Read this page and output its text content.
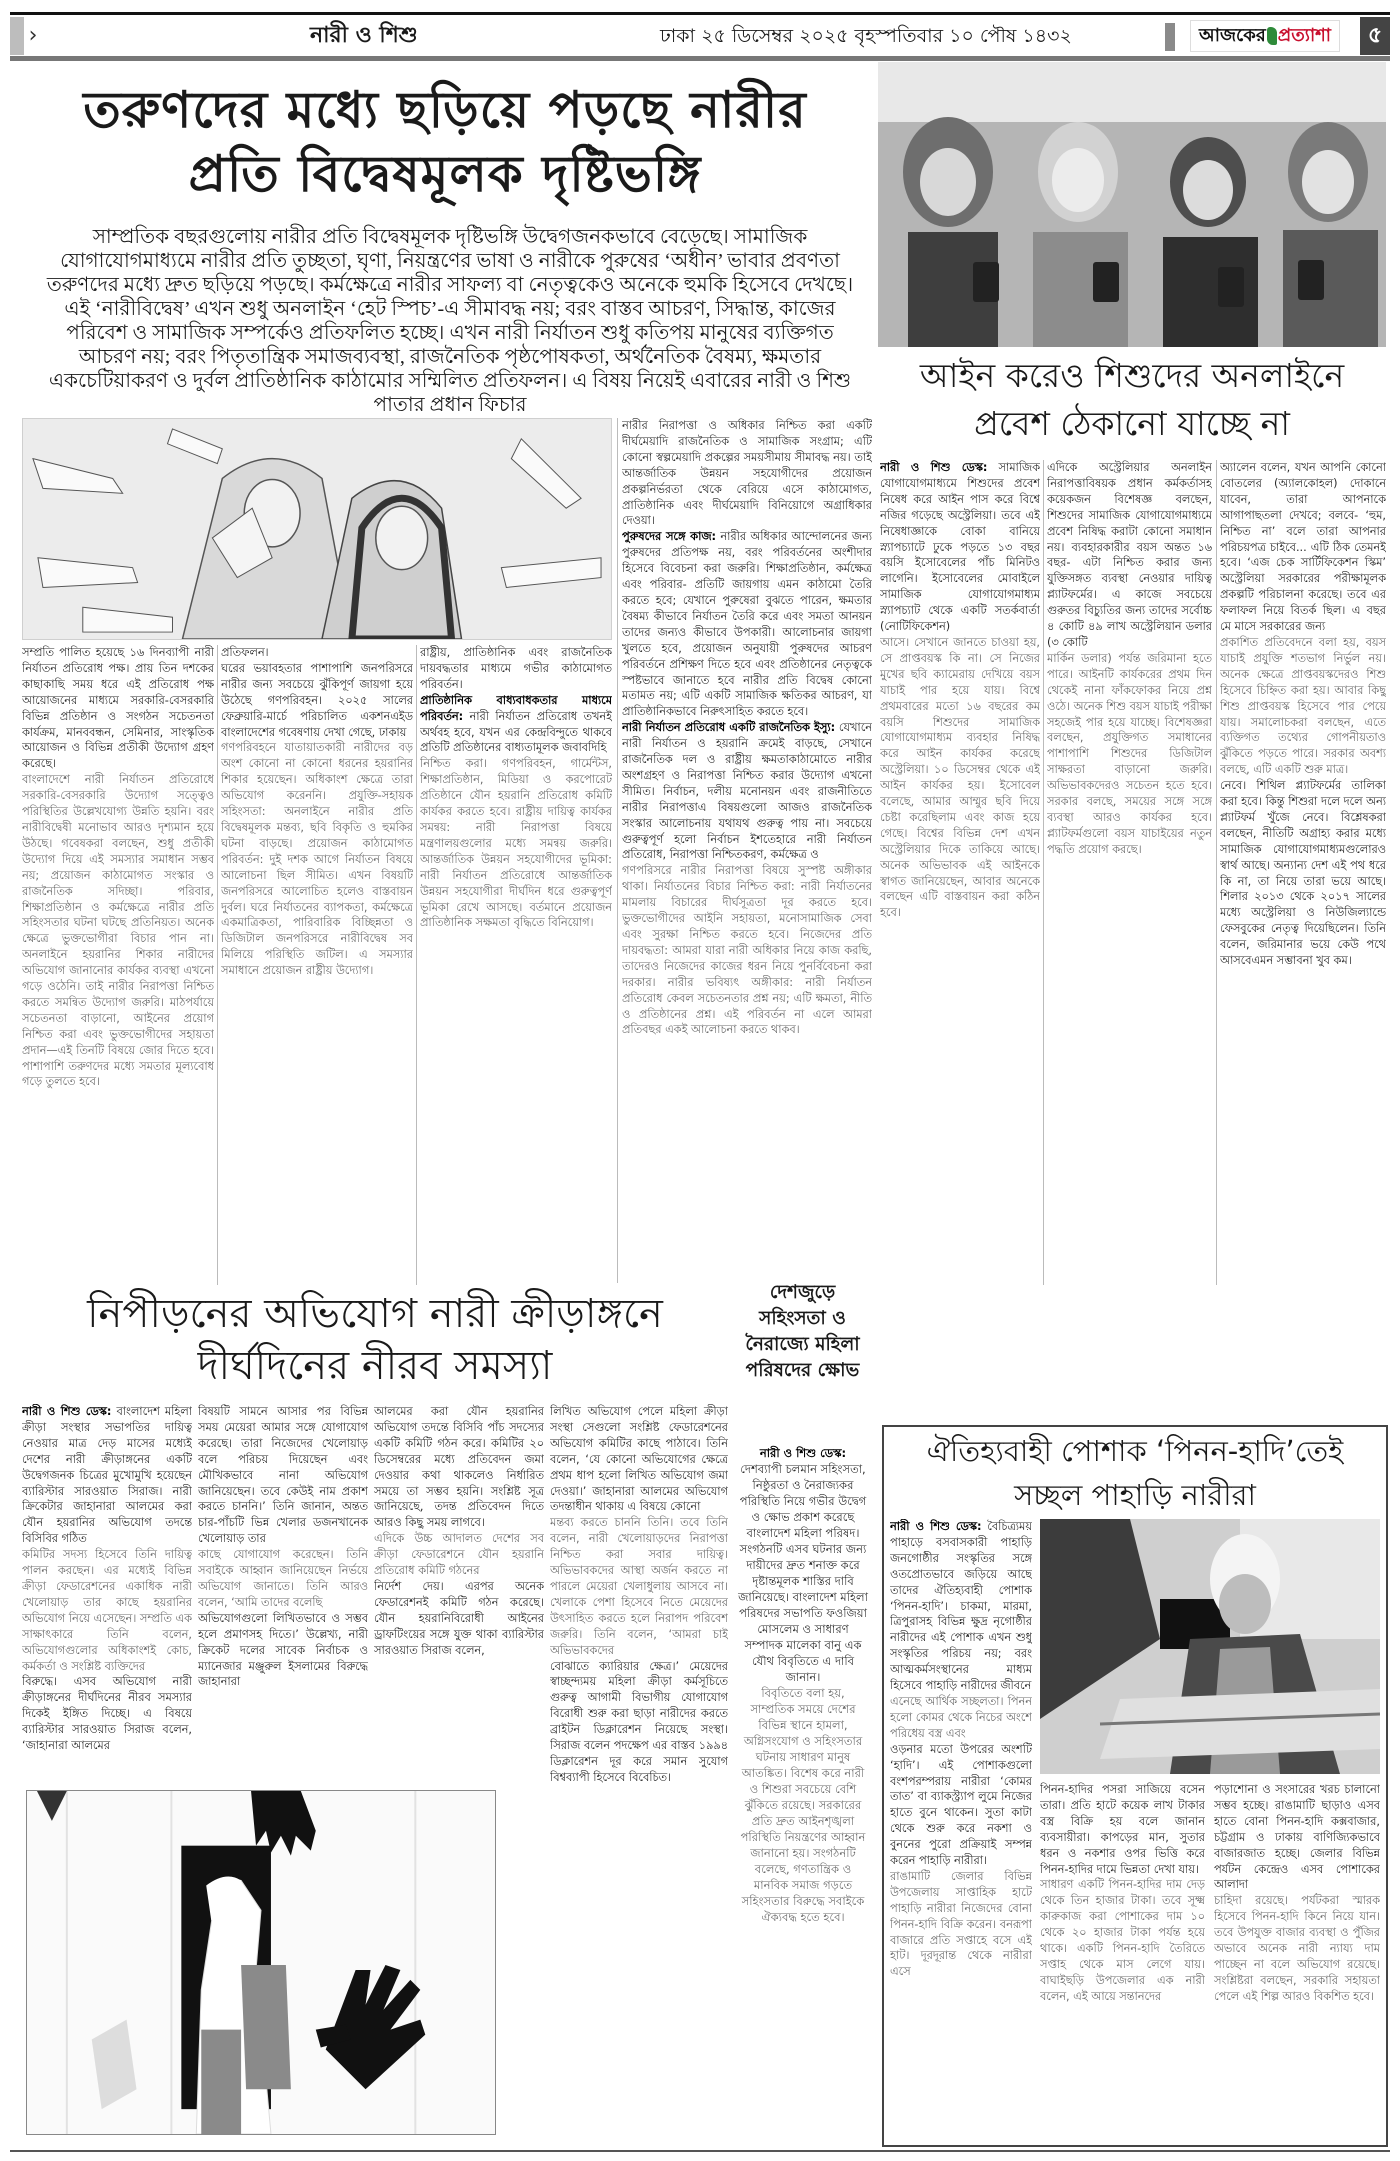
›	নারী ও শিশু	ঢাকা ২৫ ডিসেম্বর ২০২৫ বৃহস্পতিবার ১০ পৌষ ১৪৩২	আজকের প্রত্যাশা	৫
তরুণদের মধ্যে ছড়িয়ে পড়ছে নারীর
প্রতি বিদ্বেষমূলক দৃষ্টিভঙ্গি
সাম্প্রতিক বছরগুলোয় নারীর প্রতি বিদ্বেষমূলক দৃষ্টিভঙ্গি উদ্বেগজনকভাবে বেড়েছে। সামাজিক যোগাযোগমাধ্যমে নারীর প্রতি তুচ্ছতা, ঘৃণা, নিয়ন্ত্রণের ভাষা ও নারীকে পুরুষের ‘অধীন’ ভাবার প্রবণতা তরুণদের মধ্যে দ্রুত ছড়িয়ে পড়ছে। কর্মক্ষেত্রে নারীর সাফল্য বা নেতৃত্বকেও অনেকে হুমকি হিসেবে দেখছে। এই ‘নারীবিদ্বেষ’ এখন শুধু অনলাইন ‘হেট স্পিচ’-এ সীমাবদ্ধ নয়; বরং বাস্তব আচরণ, সিদ্ধান্ত, কাজের পরিবেশ ও সামাজিক সম্পর্কেও প্রতিফলিত হচ্ছে। এখন নারী নির্যাতন শুধু কতিপয় মানুষের ব্যক্তিগত আচরণ নয়; বরং পিতৃতান্ত্রিক সমাজব্যবস্থা, রাজনৈতিক পৃষ্ঠপোষকতা, অর্থনৈতিক বৈষম্য, ক্ষমতার একচেটিয়াকরণ ও দুর্বল প্রাতিষ্ঠানিক কাঠামোর সম্মিলিত প্রতিফলন। এ বিষয় নিয়েই এবারের নারী ও শিশু পাতার প্রধান ফিচার

সম্প্রতি পালিত হয়েছে ১৬ দিনব্যাপী নারী নির্যাতন প্রতিরোধ পক্ষ। প্রায় তিন দশকের কাছাকাছি সময় ধরে এই প্রতিরোধ পক্ষ আয়োজনের মাধ্যমে সরকারি-বেসরকারি বিভিন্ন প্রতিষ্ঠান ও সংগঠন সচেতনতা কার্যক্রম, মানববন্ধন, সেমিনার, সাংস্কৃতিক আয়োজন ও বিভিন্ন প্রতীকী উদ্যোগ গ্রহণ করেছে।

বাংলাদেশে নারী নির্যাতন প্রতিরোধে সরকারি-বেসরকারি উদ্যোগ সত্ত্বেও পরিস্থিতির উল্লেখযোগ্য উন্নতি হয়নি। বরং নারীবিদ্বেষী মনোভাব আরও দৃশ্যমান হয়ে উঠছে। গবেষকরা বলছেন, শুধু প্রতীকী উদ্যোগ দিয়ে এই সমস্যার সমাধান সম্ভব নয়; প্রয়োজন কাঠামোগত সংস্কার ও রাজনৈতিক সদিচ্ছা। পরিবার, শিক্ষাপ্রতিষ্ঠান ও কর্মক্ষেত্রে নারীর প্রতি সহিংসতার ঘটনা ঘটছে প্রতিনিয়ত। অনেক ক্ষেত্রে ভুক্তভোগীরা বিচার পান না। অনলাইনে হয়রানির শিকার নারীদের অভিযোগ জানানোর কার্যকর ব্যবস্থা এখনো গড়ে ওঠেনি। তাই নারীর নিরাপত্তা নিশ্চিত করতে সমন্বিত উদ্যোগ জরুরি। মাঠপর্যায়ে সচেতনতা বাড়ানো, আইনের প্রয়োগ নিশ্চিত করা এবং ভুক্তভোগীদের সহায়তা প্রদান—এই তিনটি বিষয়ে জোর দিতে হবে। পাশাপাশি তরুণদের মধ্যে সমতার মূল্যবোধ গড়ে তুলতে হবে।

প্রতিফলন।

ঘরের ভয়াবহতার পাশাপাশি জনপরিসরে নারীর জন্য সবচেয়ে ঝুঁকিপূর্ণ জায়গা হয়ে উঠেছে গণপরিবহন। ২০২৫ সালের ফেব্রুয়ারি-মার্চে পরিচালিত একশনএইড বাংলাদেশের গবেষণায় দেখা গেছে, ঢাকায়

গণপরিবহনে যাতায়াতকারী নারীদের বড় অংশ কোনো না কোনো ধরনের হয়রানির শিকার হয়েছেন। অধিকাংশ ক্ষেত্রে তারা অভিযোগ করেননি। প্রযুক্তি-সহায়ক সহিংসতা: অনলাইনে নারীর প্রতি বিদ্বেষমূলক মন্তব্য, ছবি বিকৃতি ও হুমকির ঘটনা বাড়ছে। প্রয়োজন কাঠামোগত পরিবর্তন: দুই দশক আগে নির্যাতন বিষয়ে আলোচনা ছিল সীমিত। এখন বিষয়টি জনপরিসরে আলোচিত হলেও বাস্তবায়ন দুর্বল। ঘরে নির্যাতনের ব্যাপকতা, কর্মক্ষেত্রে একমাত্রিকতা, পারিবারিক বিচ্ছিন্নতা ও ডিজিটাল জনপরিসরে নারীবিদ্বেষ সব মিলিয়ে পরিস্থিতি জটিল। এ সমস্যার সমাধানে প্রয়োজন রাষ্ট্রীয় উদ্যোগ।

রাষ্ট্রীয়, প্রাতিষ্ঠানিক এবং রাজনৈতিক দায়বদ্ধতার মাধ্যমে গভীর কাঠামোগত পরিবর্তন।

প্রাতিষ্ঠানিক বাধ্যবাধকতার মাধ্যমে পরিবর্তন: নারী নির্যাতন প্রতিরোধ তখনই অর্থবহ হবে, যখন এর কেন্দ্রবিন্দুতে থাকবে প্রতিটি প্রতিষ্ঠানের বাধ্যতামূলক জবাবদিহি

নিশ্চিত করা। গণপরিবহন, গার্মেন্টস, শিক্ষাপ্রতিষ্ঠান, মিডিয়া ও করপোরেট প্রতিষ্ঠানে যৌন হয়রানি প্রতিরোধ কমিটি কার্যকর করতে হবে। রাষ্ট্রীয় দায়িত্ব কার্যকর সমন্বয়: নারী নিরাপত্তা বিষয়ে মন্ত্রণালয়গুলোর মধ্যে সমন্বয় জরুরি। আন্তর্জাতিক উন্নয়ন সহযোগীদের ভূমিকা: নারী নির্যাতন প্রতিরোধে আন্তর্জাতিক উন্নয়ন সহযোগীরা দীর্ঘদিন ধরে গুরুত্বপূর্ণ ভূমিকা রেখে আসছে। বর্তমানে প্রয়োজন প্রাতিষ্ঠানিক সক্ষমতা বৃদ্ধিতে বিনিয়োগ।

নারীর নিরাপত্তা ও অধিকার নিশ্চিত করা একটি দীর্ঘমেয়াদি রাজনৈতিক ও সামাজিক সংগ্রাম; এটি কোনো স্বল্পমেয়াদি প্রকল্পের সময়সীমায় সীমাবদ্ধ নয়। তাই আন্তর্জাতিক উন্নয়ন সহযোগীদের প্রয়োজন প্রকল্পনির্ভরতা থেকে বেরিয়ে এসে কাঠামোগত, প্রাতিষ্ঠানিক এবং দীর্ঘমেয়াদি বিনিয়োগে অগ্রাধিকার দেওয়া।

পুরুষদের সঙ্গে কাজ: নারীর অধিকার আন্দোলনের জন্য পুরুষদের প্রতিপক্ষ নয়, বরং পরিবর্তনের অংশীদার হিসেবে বিবেচনা করা জরুরি। শিক্ষাপ্রতিষ্ঠান, কর্মক্ষেত্র এবং পরিবার- প্রতিটি জায়গায় এমন কাঠামো তৈরি করতে হবে; যেখানে পুরুষেরা বুঝতে পারেন, ক্ষমতার বৈষম্য কীভাবে নির্যাতন তৈরি করে এবং সমতা আনয়ন তাদের জন্যও কীভাবে উপকারী। আলোচনার জায়গা খুলতে হবে, প্রয়োজন অনুযায়ী পুরুষদের আচরণ পরিবর্তনে প্রশিক্ষণ দিতে হবে এবং প্রতিষ্ঠানের নেতৃত্বকে স্পষ্টভাবে জানাতে হবে নারীর প্রতি বিদ্বেষ কোনো মতামত নয়; এটি একটি সামাজিক ক্ষতিকর আচরণ, যা প্রাতিষ্ঠানিকভাবে নিরুৎসাহিত করতে হবে।

নারী নির্যাতন প্রতিরোধ একটি রাজনৈতিক ইস্যু: যেখানে নারী নির্যাতন ও হয়রানি ক্রমেই বাড়ছে, সেখানে রাজনৈতিক দল ও রাষ্ট্রীয় ক্ষমতাকাঠামোতে নারীর অংশগ্রহণ ও নিরাপত্তা নিশ্চিত করার উদ্যোগ এখনো সীমিত। নির্বাচন, দলীয় মনোনয়ন এবং রাজনীতিতে নারীর নিরাপত্তাএ বিষয়গুলো আজও রাজনৈতিক সংস্কার আলোচনায় যথাযথ গুরুত্ব পায় না। সবচেয়ে গুরুত্বপূর্ণ হলো নির্বাচন ইশতেহারে নারী নির্যাতন প্রতিরোধ, নিরাপত্তা নিশ্চিতকরণ, কর্মক্ষেত্র ও

গণপরিসরে নারীর নিরাপত্তা বিষয়ে সুস্পষ্ট অঙ্গীকার থাকা। নির্যাতনের বিচার নিশ্চিত করা: নারী নির্যাতনের মামলায় বিচারের দীর্ঘসূত্রতা দূর করতে হবে। ভুক্তভোগীদের আইনি সহায়তা, মনোসামাজিক সেবা এবং সুরক্ষা নিশ্চিত করতে হবে। নিজেদের প্রতি দায়বদ্ধতা: আমরা যারা নারী অধিকার নিয়ে কাজ করছি, তাদেরও নিজেদের কাজের ধরন নিয়ে পুনর্বিবেচনা করা দরকার। নারীর ভবিষ্যৎ অঙ্গীকার: নারী নির্যাতন প্রতিরোধ কেবল সচেতনতার প্রশ্ন নয়; এটি ক্ষমতা, নীতি ও প্রতিষ্ঠানের প্রশ্ন। এই পরিবর্তন না এলে আমরা প্রতিবছর একই আলোচনা করতে থাকব।

আইন করেও শিশুদের অনলাইনে
প্রবেশ ঠেকানো যাচ্ছে না

নারী ও শিশু ডেস্ক: সামাজিক যোগাযোগমাধ্যমে শিশুদের প্রবেশ নিষেধ করে আইন পাস করে বিশ্বে নজির গড়েছে অস্ট্রেলিয়া। তবে এই নিষেধাজ্ঞাকে বোকা বানিয়ে স্ন্যাপচ্যাটে ঢুকে পড়তে ১৩ বছর বয়সি ইসোবেলের পাঁচ মিনিটও লাগেনি। ইসোবেলের মোবাইলে সামাজিক যোগাযোগমাধ্যম স্ন্যাপচ্যাট থেকে একটি সতর্কবার্তা (নোটিফিকেশন)

আসে। সেখানে জানতে চাওয়া হয়, সে প্রাপ্তবয়স্ক কি না। সে নিজের মুখের ছবি ক্যামেরায় দেখিয়ে বয়স যাচাই পার হয়ে যায়। বিশ্বে প্রথমবারের মতো ১৬ বছরের কম বয়সি শিশুদের সামাজিক যোগাযোগমাধ্যম ব্যবহার নিষিদ্ধ করে আইন কার্যকর করেছে অস্ট্রেলিয়া। ১০ ডিসেম্বর থেকে এই আইন কার্যকর হয়। ইসোবেল বলেছে, আমার আম্মুর ছবি দিয়ে চেষ্টা করেছিলাম এবং কাজ হয়ে গেছে। বিশ্বের বিভিন্ন দেশ এখন অস্ট্রেলিয়ার দিকে তাকিয়ে আছে। অনেক অভিভাবক এই আইনকে স্বাগত জানিয়েছেন, আবার অনেকে বলছেন এটি বাস্তবায়ন করা কঠিন হবে।

এদিকে অস্ট্রেলিয়ার অনলাইন নিরাপত্তাবিষয়ক প্রধান কর্মকর্তাসহ কয়েকজন বিশেষজ্ঞ বলছেন, শিশুদের সামাজিক যোগাযোগমাধ্যমে প্রবেশ নিষিদ্ধ করাটা কোনো সমাধান নয়। ব্যবহারকারীর বয়স অন্তত ১৬ বছর- এটা নিশ্চিত করার জন্য যুক্তিসঙ্গত ব্যবস্থা নেওয়ার দায়িত্ব প্ল্যাটফর্মের। এ কাজে সবচেয়ে গুরুতর বিচ্যুতির জন্য তাদের সর্বোচ্চ ৪ কোটি ৪৯ লাখ অস্ট্রেলিয়ান ডলার (৩ কোটি

মার্কিন ডলার) পর্যন্ত জরিমানা হতে পারে। আইনটি কার্যকরের প্রথম দিন থেকেই নানা ফাঁকফোকর নিয়ে প্রশ্ন ওঠে। অনেক শিশু বয়স যাচাই পরীক্ষা সহজেই পার হয়ে যাচ্ছে। বিশেষজ্ঞরা বলছেন, প্রযুক্তিগত সমাধানের পাশাপাশি শিশুদের ডিজিটাল সাক্ষরতা বাড়ানো জরুরি। অভিভাবকদেরও সচেতন হতে হবে। সরকার বলছে, সময়ের সঙ্গে সঙ্গে ব্যবস্থা আরও কার্যকর হবে। প্ল্যাটফর্মগুলো বয়স যাচাইয়ের নতুন পদ্ধতি প্রয়োগ করছে।

অ্যালেন বলেন, যখন আপনি কোনো বোতলের (অ্যালকোহল) দোকানে যাবেন, তারা আপনাকে আগাপাছতলা দেখবে; বলবে- ‘হুম, নিশ্চিত না’ বলে তারা আপনার পরিচয়পত্র চাইবে... এটি ঠিক তেমনই হবে। ‘এজ চেক সার্টিফিকেশন স্কিম’ অস্ট্রেলিয়া সরকারের পরীক্ষামূলক প্রকল্পটি পরিচালনা করেছে। তবে এর ফলাফল নিয়ে বিতর্ক ছিল। এ বছর মে মাসে সরকারের জন্য

প্রকাশিত প্রতিবেদনে বলা হয়, বয়স যাচাই প্রযুক্তি শতভাগ নির্ভুল নয়। অনেক ক্ষেত্রে প্রাপ্তবয়স্কদেরও শিশু হিসেবে চিহ্নিত করা হয়। আবার কিছু শিশু প্রাপ্তবয়স্ক হিসেবে পার পেয়ে যায়। সমালোচকরা বলছেন, এতে ব্যক্তিগত তথ্যের গোপনীয়তাও ঝুঁকিতে পড়তে পারে। সরকার অবশ্য বলছে, এটি একটি শুরু মাত্র।

নেবে। শিথিল প্ল্যাটফর্মের তালিকা করা হবে। কিন্তু শিশুরা দলে দলে অন্য প্ল্যাটফর্ম খুঁজে নেবে। বিশ্লেষকরা বলছেন, নীতিটি অগ্রাহ্য করার মধ্যে সামাজিক যোগাযোগমাধ্যমগুলোরও স্বার্থ আছে। অন্যান্য দেশ এই পথ ধরে কি না, তা নিয়ে তারা ভয়ে আছে। শিলার ২০১৩ থেকে ২০১৭ সালের মধ্যে অস্ট্রেলিয়া ও নিউজিল্যান্ডে ফেসবুকের নেতৃত্ব দিয়েছিলেন। তিনি বলেন, জরিমানার ভয়ে কেউ পথে আসবেএমন সম্ভাবনা খুব কম।

নিপীড়নের অভিযোগ নারী ক্রীড়াঙ্গনে
দীর্ঘদিনের নীরব সমস্যা

নারী ও শিশু ডেস্ক: বাংলাদেশ মহিলা ক্রীড়া সংস্থার সভাপতির দায়িত্ব নেওয়ার মাত্র দেড় মাসের মধ্যেই দেশের নারী ক্রীড়াঙ্গনের একটি উদ্বেগজনক চিত্রের মুখোমুখি হয়েছেন ব্যারিস্টার সারওয়াত সিরাজ। নারী ক্রিকেটার জাহানারা আলমের করা যৌন হয়রানির অভিযোগ তদন্তে বিসিবির গঠিত

কমিটির সদস্য হিসেবে তিনি দায়িত্ব পালন করছেন। এর মধ্যেই বিভিন্ন ক্রীড়া ফেডারেশনের একাধিক নারী খেলোয়াড় তার কাছে হয়রানির অভিযোগ নিয়ে এসেছেন। সম্প্রতি এক সাক্ষাৎকারে তিনি বলেন, অভিযোগগুলোর অধিকাংশই কোচ, কর্মকর্তা ও সংশ্লিষ্ট ব্যক্তিদের

বিরুদ্ধে। এসব অভিযোগ নারী ক্রীড়াঙ্গনের দীর্ঘদিনের নীরব সমস্যার দিকেই ইঙ্গিত দিচ্ছে। এ বিষয়ে ব্যারিস্টার সারওয়াত সিরাজ বলেন, ‘জাহানারা আলমের

বিষয়টি সামনে আসার পর বিভিন্ন সময় মেয়েরা আমার সঙ্গে যোগাযোগ করেছে। তারা নিজেদের খেলোয়াড় বলে পরিচয় দিয়েছেন এবং মৌখিকভাবে নানা অভিযোগ জানিয়েছেন। তবে কেউই নাম প্রকাশ করতে চাননি।’ তিনি জানান, অন্তত চার-পাঁচটি ভিন্ন খেলার ডজনখানেক খেলোয়াড় তার

কাছে যোগাযোগ করেছেন। তিনি সবাইকে আহ্বান জানিয়েছেন নির্ভয়ে অভিযোগ জানাতে। তিনি আরও বলেন, ‘আমি তাদের বলেছি

অভিযোগগুলো লিখিতভাবে ও সম্ভব হলে প্রমাণসহ দিতে।’ উল্লেখ্য, নারী ক্রিকেট দলের সাবেক নির্বাচক ও ম্যানেজার মঞ্জুরুল ইসলামের বিরুদ্ধে জাহানারা

আলমের করা যৌন হয়রানির অভিযোগ তদন্তে বিসিবি পাঁচ সদস্যের একটি কমিটি গঠন করে। কমিটির ২০ ডিসেম্বরের মধ্যে প্রতিবেদন জমা দেওয়ার কথা থাকলেও নির্ধারিত সময়ে তা সম্ভব হয়নি। সংশ্লিষ্ট সূত্র জানিয়েছে, তদন্ত প্রতিবেদন দিতে আরও কিছু সময় লাগবে।

এদিকে উচ্চ আদালত দেশের সব ক্রীড়া ফেডারেশনে যৌন হয়রানি প্রতিরোধ কমিটি গঠনের

নির্দেশ দেয়। এরপর অনেক ফেডারেশনই কমিটি গঠন করেছে। যৌন হয়রানিবিরোধী আইনের ড্রাফটিংয়ের সঙ্গে যুক্ত থাকা ব্যারিস্টার সারওয়াত সিরাজ বলেন,

লিখিত অভিযোগ পেলে মহিলা ক্রীড়া সংস্থা সেগুলো সংশ্লিষ্ট ফেডারেশনের অভিযোগ কমিটির কাছে পাঠাবে। তিনি বলেন, ‘যে কোনো অভিযোগের ক্ষেত্রে প্রথম ধাপ হলো লিখিত অভিযোগ জমা দেওয়া।’ জাহানারা আলমের অভিযোগ তদন্তাধীন থাকায় এ বিষয়ে কোনো

মন্তব্য করতে চাননি তিনি। তবে তিনি বলেন, নারী খেলোয়াড়দের নিরাপত্তা নিশ্চিত করা সবার দায়িত্ব। অভিভাবকদের আস্থা অর্জন করতে না পারলে মেয়েরা খেলাধুলায় আসবে না। খেলাকে পেশা হিসেবে নিতে মেয়েদের উৎসাহিত করতে হলে নিরাপদ পরিবেশ জরুরি। তিনি বলেন, ‘আমরা চাই অভিভাবকদের

বোঝাতে ক্যারিয়ার ক্ষেত্র।’ মেয়েদের স্বাচ্ছন্দ্যময় মহিলা ক্রীড়া কর্মসূচিতে গুরুত্ব আগামী বিভাগীয় যোগাযোগ বিরোধী শুরু করা ছাড়া নারীদের করতে ব্রাইটন ডিক্লারেশন নিয়েছে সংস্থা। সিরাজ বলেন পদক্ষেপ এর বাস্তব ১৯৯৪ ডিক্লারেশন দূর করে সমান সুযোগ বিশ্বব্যাপী হিসেবে বিবেচিত।

দেশজুড়ে সহিংসতা ও নৈরাজ্যে মহিলা পরিষদের ক্ষোভ
নারী ও শিশু ডেস্ক:
দেশব্যাপী চলমান সহিংসতা, নিষ্ঠুরতা ও নৈরাজ্যকর পরিস্থিতি নিয়ে গভীর উদ্বেগ ও ক্ষোভ প্রকাশ করেছে বাংলাদেশ মহিলা পরিষদ। সংগঠনটি এসব ঘটনার জন্য দায়ীদের দ্রুত শনাক্ত করে দৃষ্টান্তমূলক শাস্তির দাবি জানিয়েছে। বাংলাদেশ মহিলা পরিষদের সভাপতি ফওজিয়া মোসলেম ও সাধারণ সম্পাদক মালেকা বানু এক যৌথ বিবৃতিতে এ দাবি জানান।
বিবৃতিতে বলা হয়, সাম্প্রতিক সময়ে দেশের বিভিন্ন স্থানে হামলা, অগ্নিসংযোগ ও সহিংসতার ঘটনায় সাধারণ মানুষ আতঙ্কিত। বিশেষ করে নারী ও শিশুরা সবচেয়ে বেশি ঝুঁকিতে রয়েছে। সরকারের প্রতি দ্রুত আইনশৃঙ্খলা পরিস্থিতি নিয়ন্ত্রণের আহ্বান জানানো হয়। সংগঠনটি বলেছে, গণতান্ত্রিক ও মানবিক সমাজ গড়তে সহিংসতার বিরুদ্ধে সবাইকে ঐক্যবদ্ধ হতে হবে।
ঐতিহ্যবাহী পোশাক ‘পিনন-হাদি’তেই
সচ্ছল পাহাড়ি নারীরা

নারী ও শিশু ডেস্ক: বৈচিত্র্যময় পাহাড়ে বসবাসকারী পাহাড়ি জনগোষ্ঠীর সংস্কৃতির সঙ্গে ওতপ্রোতভাবে জড়িয়ে আছে তাদের ঐতিহ্যবাহী পোশাক ‘পিনন-হাদি’। চাকমা, মারমা, ত্রিপুরাসহ বিভিন্ন ক্ষুদ্র নৃগোষ্ঠীর নারীদের এই পোশাক এখন শুধু সংস্কৃতির পরিচয় নয়; বরং আত্মকর্মসংস্থানের মাধ্যম হিসেবে পাহাড়ি নারীদের জীবনে

এনেছে আর্থিক সচ্ছলতা। পিনন হলো কোমর থেকে নিচের অংশে পরিধেয় বস্ত্র এবং

ওড়নার মতো উপরের অংশটি ‘হাদি’। এই পোশাকগুলো বংশপরম্পরায় নারীরা ‘কোমর তাত’ বা ব্যাকস্ট্র্যাপ লুমে নিজের হাতে বুনে থাকেন। সুতা কাটা থেকে শুরু করে নকশা ও বুননের পুরো প্রক্রিয়াই সম্পন্ন করেন পাহাড়ি নারীরা।

রাঙামাটি জেলার বিভিন্ন উপজেলায় সাপ্তাহিক হাটে পাহাড়ি নারীরা নিজেদের বোনা পিনন-হাদি বিক্রি করেন। বনরূপা বাজারে প্রতি সপ্তাহে বসে এই হাট। দূরদূরান্ত থেকে নারীরা এসে

পিনন-হাদির পসরা সাজিয়ে বসেন তারা। প্রতি হাটে কয়েক লাখ টাকার বস্ত্র বিক্রি হয় বলে জানান ব্যবসায়ীরা। কাপড়ের মান, সুতার ধরন ও নকশার ওপর ভিত্তি করে পিনন-হাদির দামে ভিন্নতা দেখা যায়।

সাধারণ একটি পিনন-হাদির দাম দেড় থেকে তিন হাজার টাকা। তবে সূক্ষ্ম কারুকাজ করা পোশাকের দাম ১০ থেকে ২০ হাজার টাকা পর্যন্ত হয়ে থাকে। একটি পিনন-হাদি তৈরিতে সপ্তাহ থেকে মাস লেগে যায়। বাঘাইছড়ি উপজেলার এক নারী বলেন, এই আয়ে সন্তানদের

পড়াশোনা ও সংসারের খরচ চালানো সম্ভব হচ্ছে। রাঙামাটি ছাড়াও এসব হাতে বোনা পিনন-হাদি কক্সবাজার, চট্টগ্রাম ও ঢাকায় বাণিজ্যিকভাবে বাজারজাত হচ্ছে। জেলার বিভিন্ন পর্যটন কেন্দ্রেও এসব পোশাকের আলাদা

চাহিদা রয়েছে। পর্যটকরা স্মারক হিসেবে পিনন-হাদি কিনে নিয়ে যান। তবে উপযুক্ত বাজার ব্যবস্থা ও পুঁজির অভাবে অনেক নারী ন্যায্য দাম পাচ্ছেন না বলে অভিযোগ রয়েছে। সংশ্লিষ্টরা বলছেন, সরকারি সহায়তা পেলে এই শিল্প আরও বিকশিত হবে।
